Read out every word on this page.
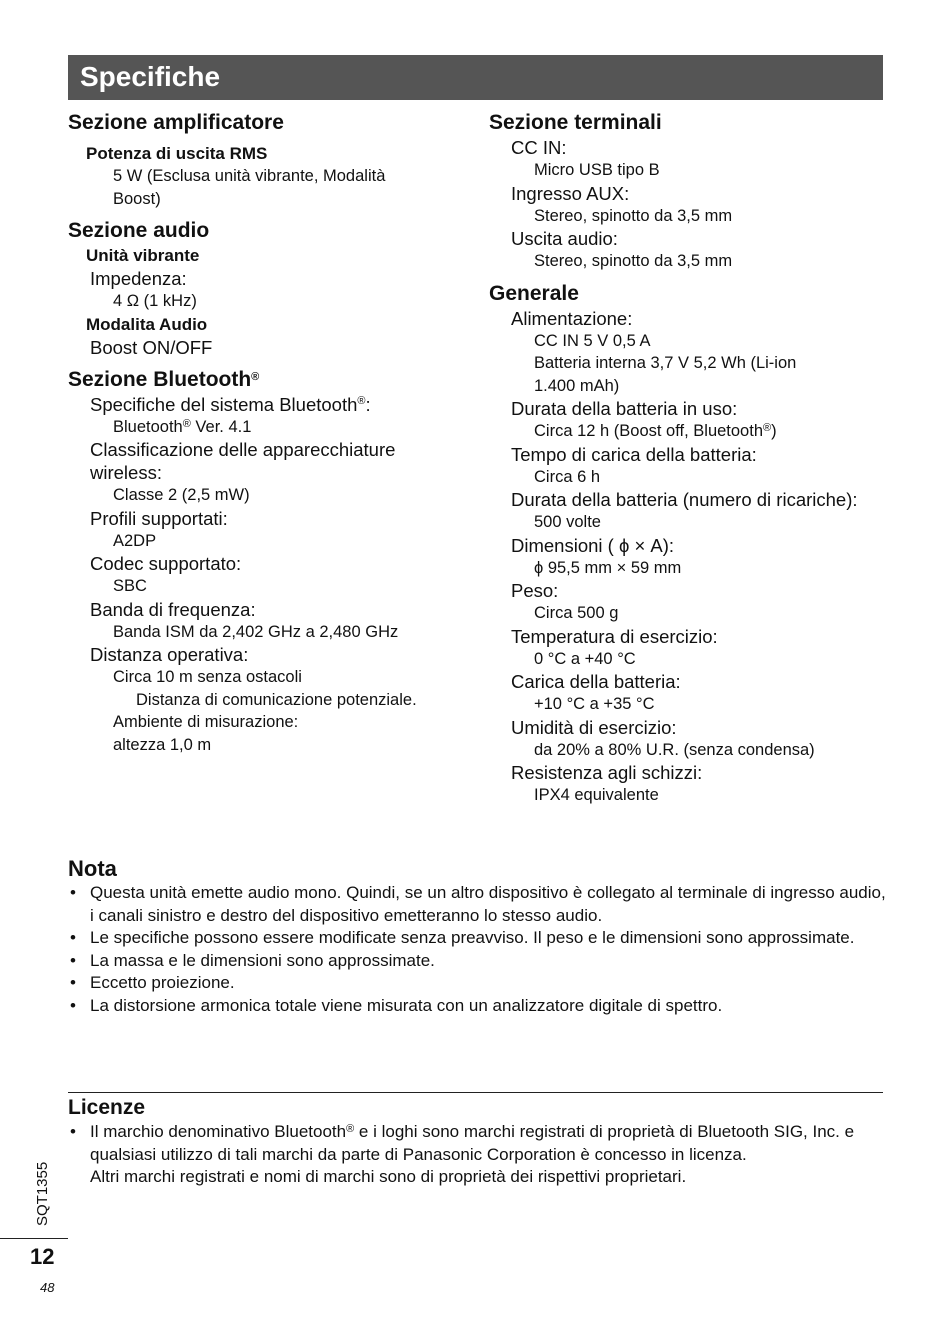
Specifiche
Sezione amplificatore
Potenza di uscita RMS
5 W (Esclusa unità vibrante, Modalità
Boost)
Sezione audio
Unità vibrante
Impedenza:
4 Ω (1 kHz)
Modalita Audio
Boost ON/OFF
Sezione Bluetooth®
Specifiche del sistema Bluetooth®:
Bluetooth® Ver. 4.1
Classificazione delle apparecchiature
wireless:
Classe 2 (2,5 mW)
Profili supportati:
A2DP
Codec supportato:
SBC
Banda di frequenza:
Banda ISM da 2,402 GHz a 2,480 GHz
Distanza operativa:
Circa 10 m senza ostacoli
Distanza di comunicazione potenziale.
Ambiente di misurazione:
altezza 1,0 m
Sezione terminali
CC IN:
Micro USB tipo B
Ingresso AUX:
Stereo, spinotto da 3,5 mm
Uscita audio:
Stereo, spinotto da 3,5 mm
Generale
Alimentazione:
CC IN 5 V 0,5 A
Batteria interna 3,7 V 5,2 Wh (Li-ion
1.400 mAh)
Durata della batteria in uso:
Circa 12 h (Boost off, Bluetooth®)
Tempo di carica della batteria:
Circa 6 h
Durata della batteria (numero di ricariche):
500 volte
Dimensioni ( ϕ × A):
ϕ 95,5 mm × 59 mm
Peso:
Circa 500 g
Temperatura di esercizio:
0 °C a +40 °C
Carica della batteria:
+10 °C a +35 °C
Umidità di esercizio:
da 20% a 80% U.R. (senza condensa)
Resistenza agli schizzi:
IPX4 equivalente
Nota
• Questa unità emette audio mono. Quindi, se un altro dispositivo è collegato al terminale di ingresso audio, i canali sinistro e destro del dispositivo emetteranno lo stesso audio.
• Le specifiche possono essere modificate senza preavviso. Il peso e le dimensioni sono approssimate.
• La massa e le dimensioni sono approssimate.
• Eccetto proiezione.
• La distorsione armonica totale viene misurata con un analizzatore digitale di spettro.
Licenze
• Il marchio denominativo Bluetooth® e i loghi sono marchi registrati di proprietà di Bluetooth SIG, Inc. e qualsiasi utilizzo di tali marchi da parte di Panasonic Corporation è concesso in licenza.
Altri marchi registrati e nomi di marchi sono di proprietà dei rispettivi proprietari.
SQT1355
12
48
